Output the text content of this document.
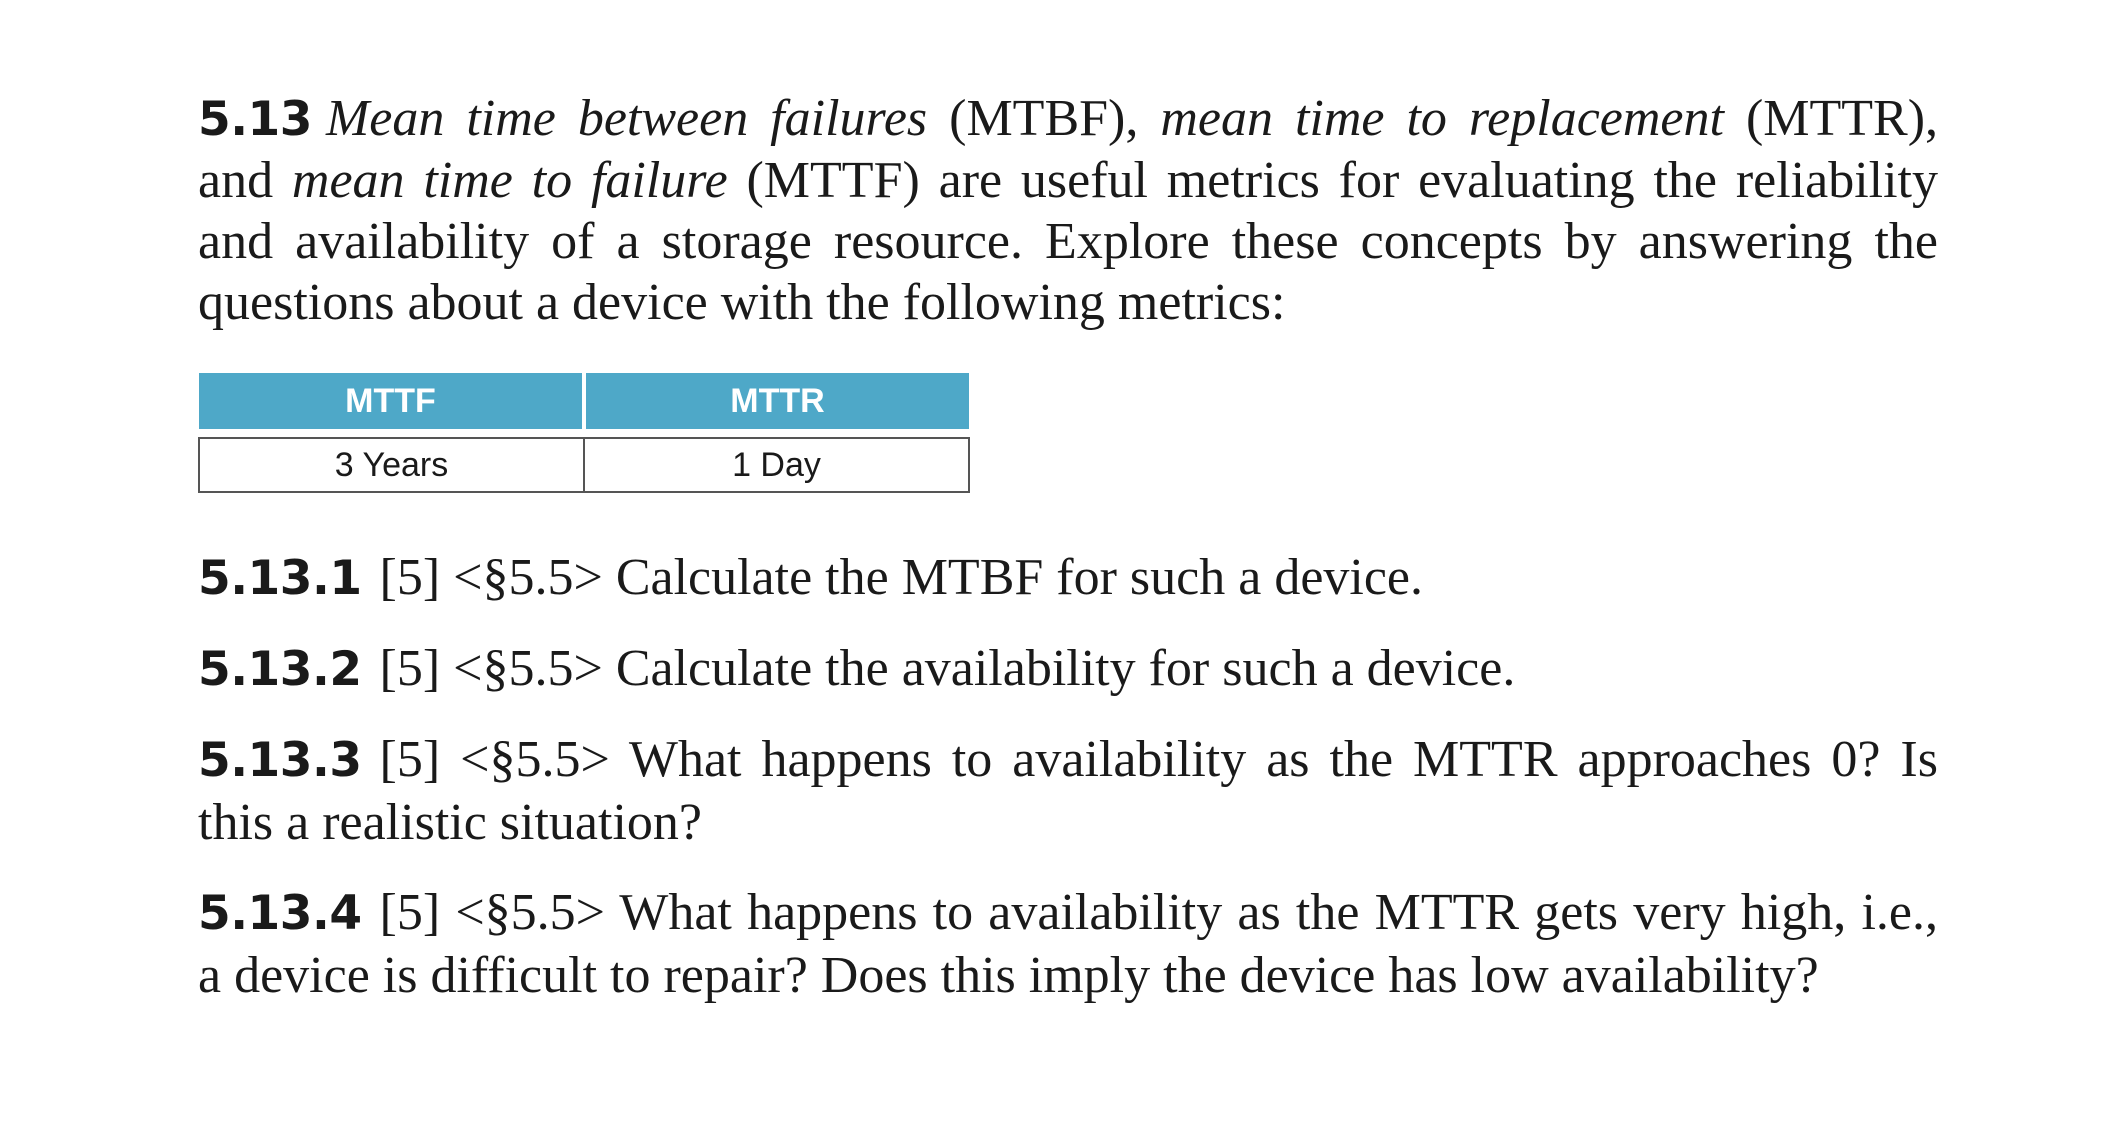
5.13 Mean time between failures (MTBF), mean time to replacement (MTTR), and mean time to failure (MTTF) are useful metrics for evaluating the reliability and availability of a storage resource. Explore these concepts by answering the questions about a device with the following metrics:

MTTF	MTTR

3 Years	1 Day

5.13.1 [5] <§5.5> Calculate the MTBF for such a device.

5.13.2 [5] <§5.5> Calculate the availability for such a device.

5.13.3 [5] <§5.5> What happens to availability as the MTTR approaches 0? Is this a realistic situation?

5.13.4 [5] <§5.5> What happens to availability as the MTTR gets very high, i.e., a device is difficult to repair? Does this imply the device has low availability?
